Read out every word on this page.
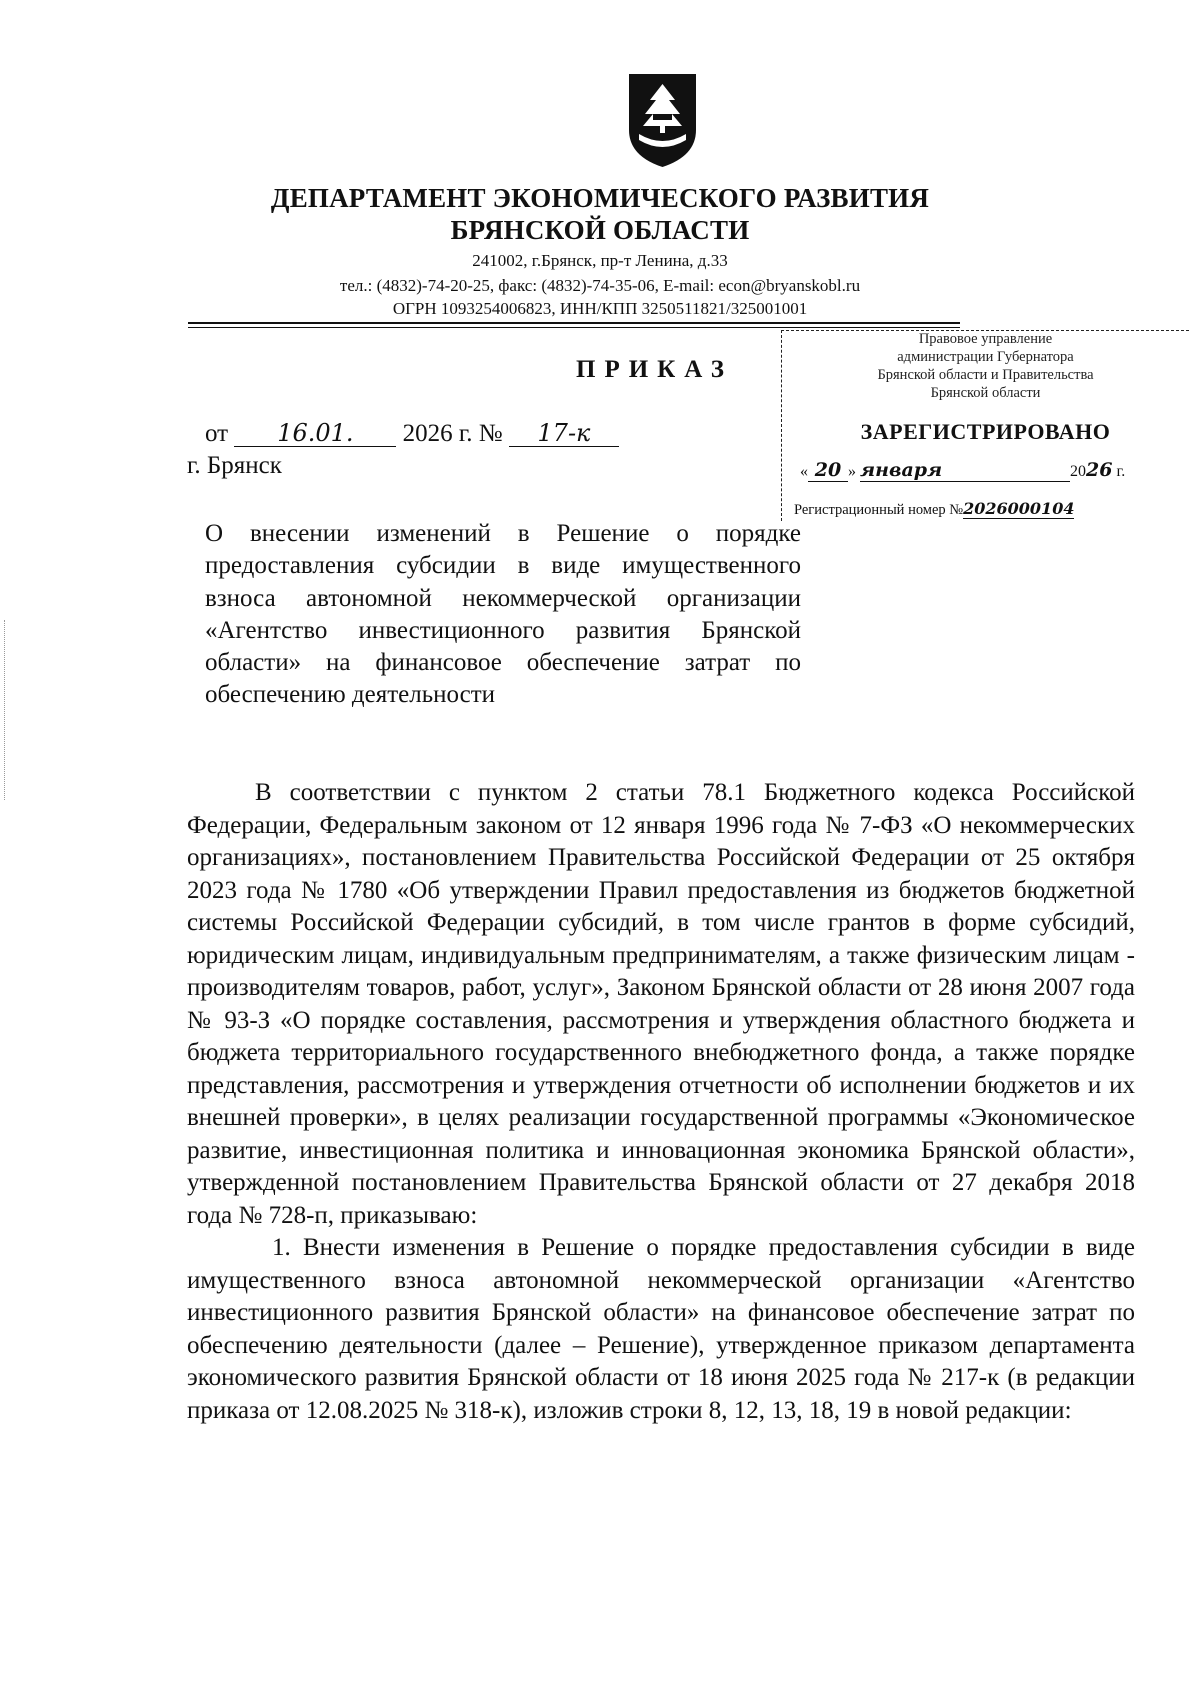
ДЕПАРТАМЕНТ ЭКОНОМИЧЕСКОГО РАЗВИТИЯ
БРЯНСКОЙ ОБЛАСТИ
241002, г.Брянск, пр-т Ленина, д.33
тел.: (4832)-74-20-25, факс: (4832)-74-35-06, E-mail: econ@bryanskobl.ru
ОГРН 1093254006823, ИНН/КПП 3250511821/325001001
ПРИКАЗ
от 16.01. 2026 г. № 17-к
г. Брянск
Правовое управление
администрации Губернатора
Брянской области и Правительства
Брянской области
ЗАРЕГИСТРИРОВАНО
« 20 » января	2026 г.
Регистрационный номер №2026000104
О внесении изменений в Решение о порядке предоставления субсидии в виде имущественного взноса автономной некоммерческой организации «Агентство инвестиционного развития Брянской области» на финансовое обеспечение затрат по обеспечению деятельности

В соответствии с пунктом 2 статьи 78.1 Бюджетного кодекса Российской Федерации, Федеральным законом от 12 января 1996 года № 7-ФЗ «О некоммерческих организациях», постановлением Правительства Российской Федерации от 25 октября 2023 года № 1780 «Об утверждении Правил предоставления из бюджетов бюджетной системы Российской Федерации субсидий, в том числе грантов в форме субсидий, юридическим лицам, индивидуальным предпринимателям, а также физическим лицам - производителям товаров, работ, услуг», Законом Брянской области от 28 июня 2007 года № 93-З «О порядке составления, рассмотрения и утверждения областного бюджета и бюджета территориального государственного внебюджетного фонда, а также порядке представления, рассмотрения и утверждения отчетности об исполнении бюджетов и их внешней проверки», в целях реализации государственной программы «Экономическое развитие, инвестиционная политика и инновационная экономика Брянской области», утвержденной постановлением Правительства Брянской области от 27 декабря 2018 года № 728-п, приказываю:

1. Внести изменения в Решение о порядке предоставления субсидии в виде имущественного взноса автономной некоммерческой организации «Агентство инвестиционного развития Брянской области» на финансовое обеспечение затрат по обеспечению деятельности (далее – Решение), утвержденное приказом департамента экономического развития Брянской области от 18 июня 2025 года № 217-к (в редакции приказа от 12.08.2025 № 318-к), изложив строки 8, 12, 13, 18, 19 в новой редакции:
